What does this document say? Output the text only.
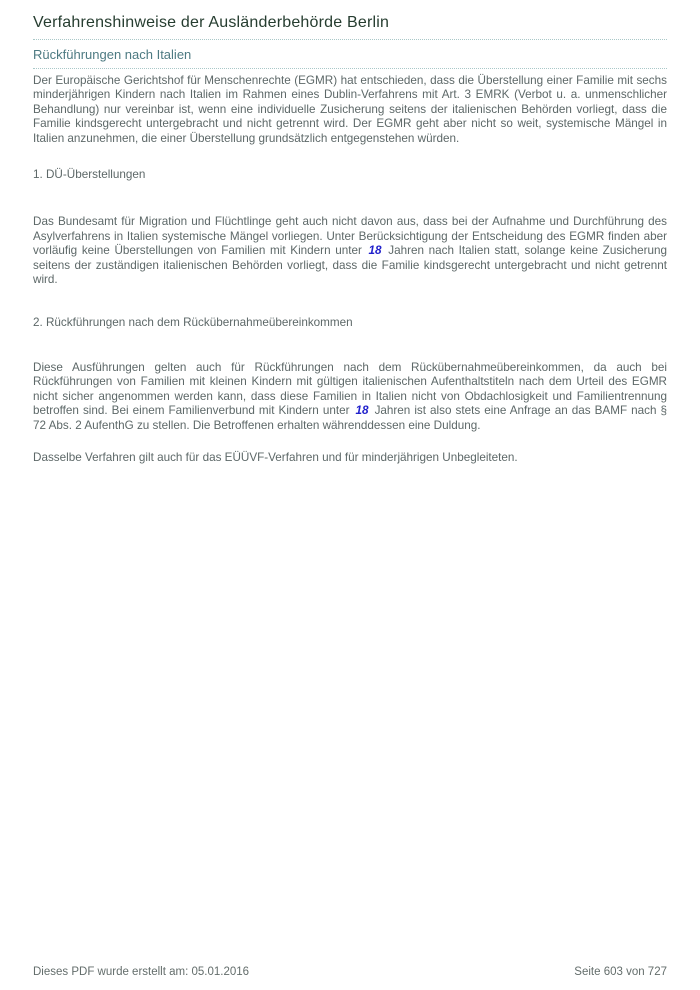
Verfahrenshinweise der Ausländerbehörde Berlin
Rückführungen nach Italien

Der Europäische Gerichtshof für Menschenrechte (EGMR) hat entschieden, dass die Überstellung einer Familie mit sechs minderjährigen Kindern nach Italien im Rahmen eines Dublin-Verfahrens mit Art. 3 EMRK (Verbot u. a. unmenschlicher Behandlung) nur vereinbar ist, wenn eine individuelle Zusicherung seitens der italienischen Behörden vorliegt, dass die Familie kindsgerecht untergebracht und nicht getrennt wird. Der EGMR geht aber nicht so weit, systemische Mängel in Italien anzunehmen, die einer Überstellung grundsätzlich entgegenstehen würden.

1. DÜ-Überstellungen

Das Bundesamt für Migration und Flüchtlinge geht auch nicht davon aus, dass bei der Aufnahme und Durchführung des Asylverfahrens in Italien systemische Mängel vorliegen. Unter Berücksichtigung der Entscheidung des EGMR finden aber vorläufig keine Überstellungen von Familien mit Kindern unter 18 Jahren nach Italien statt, solange keine Zusicherung seitens der zuständigen italienischen Behörden vorliegt, dass die Familie kindsgerecht untergebracht und nicht getrennt wird.

2. Rückführungen nach dem Rückübernahmeübereinkommen

Diese Ausführungen gelten auch für Rückführungen nach dem Rückübernahmeübereinkommen, da auch bei Rückführungen von Familien mit kleinen Kindern mit gültigen italienischen Aufenthaltstiteln nach dem Urteil des EGMR nicht sicher angenommen werden kann, dass diese Familien in Italien nicht von Obdachlosigkeit und Familientrennung betroffen sind. Bei einem Familienverbund mit Kindern unter 18 Jahren ist also stets eine Anfrage an das BAMF nach § 72 Abs. 2 AufenthG zu stellen. Die Betroffenen erhalten währenddessen eine Duldung.

Dasselbe Verfahren gilt auch für das EÜÜVF-Verfahren und für minderjährigen Unbegleiteten.

Dieses PDF wurde erstellt am: 05.01.2016	Seite 603 von 727
